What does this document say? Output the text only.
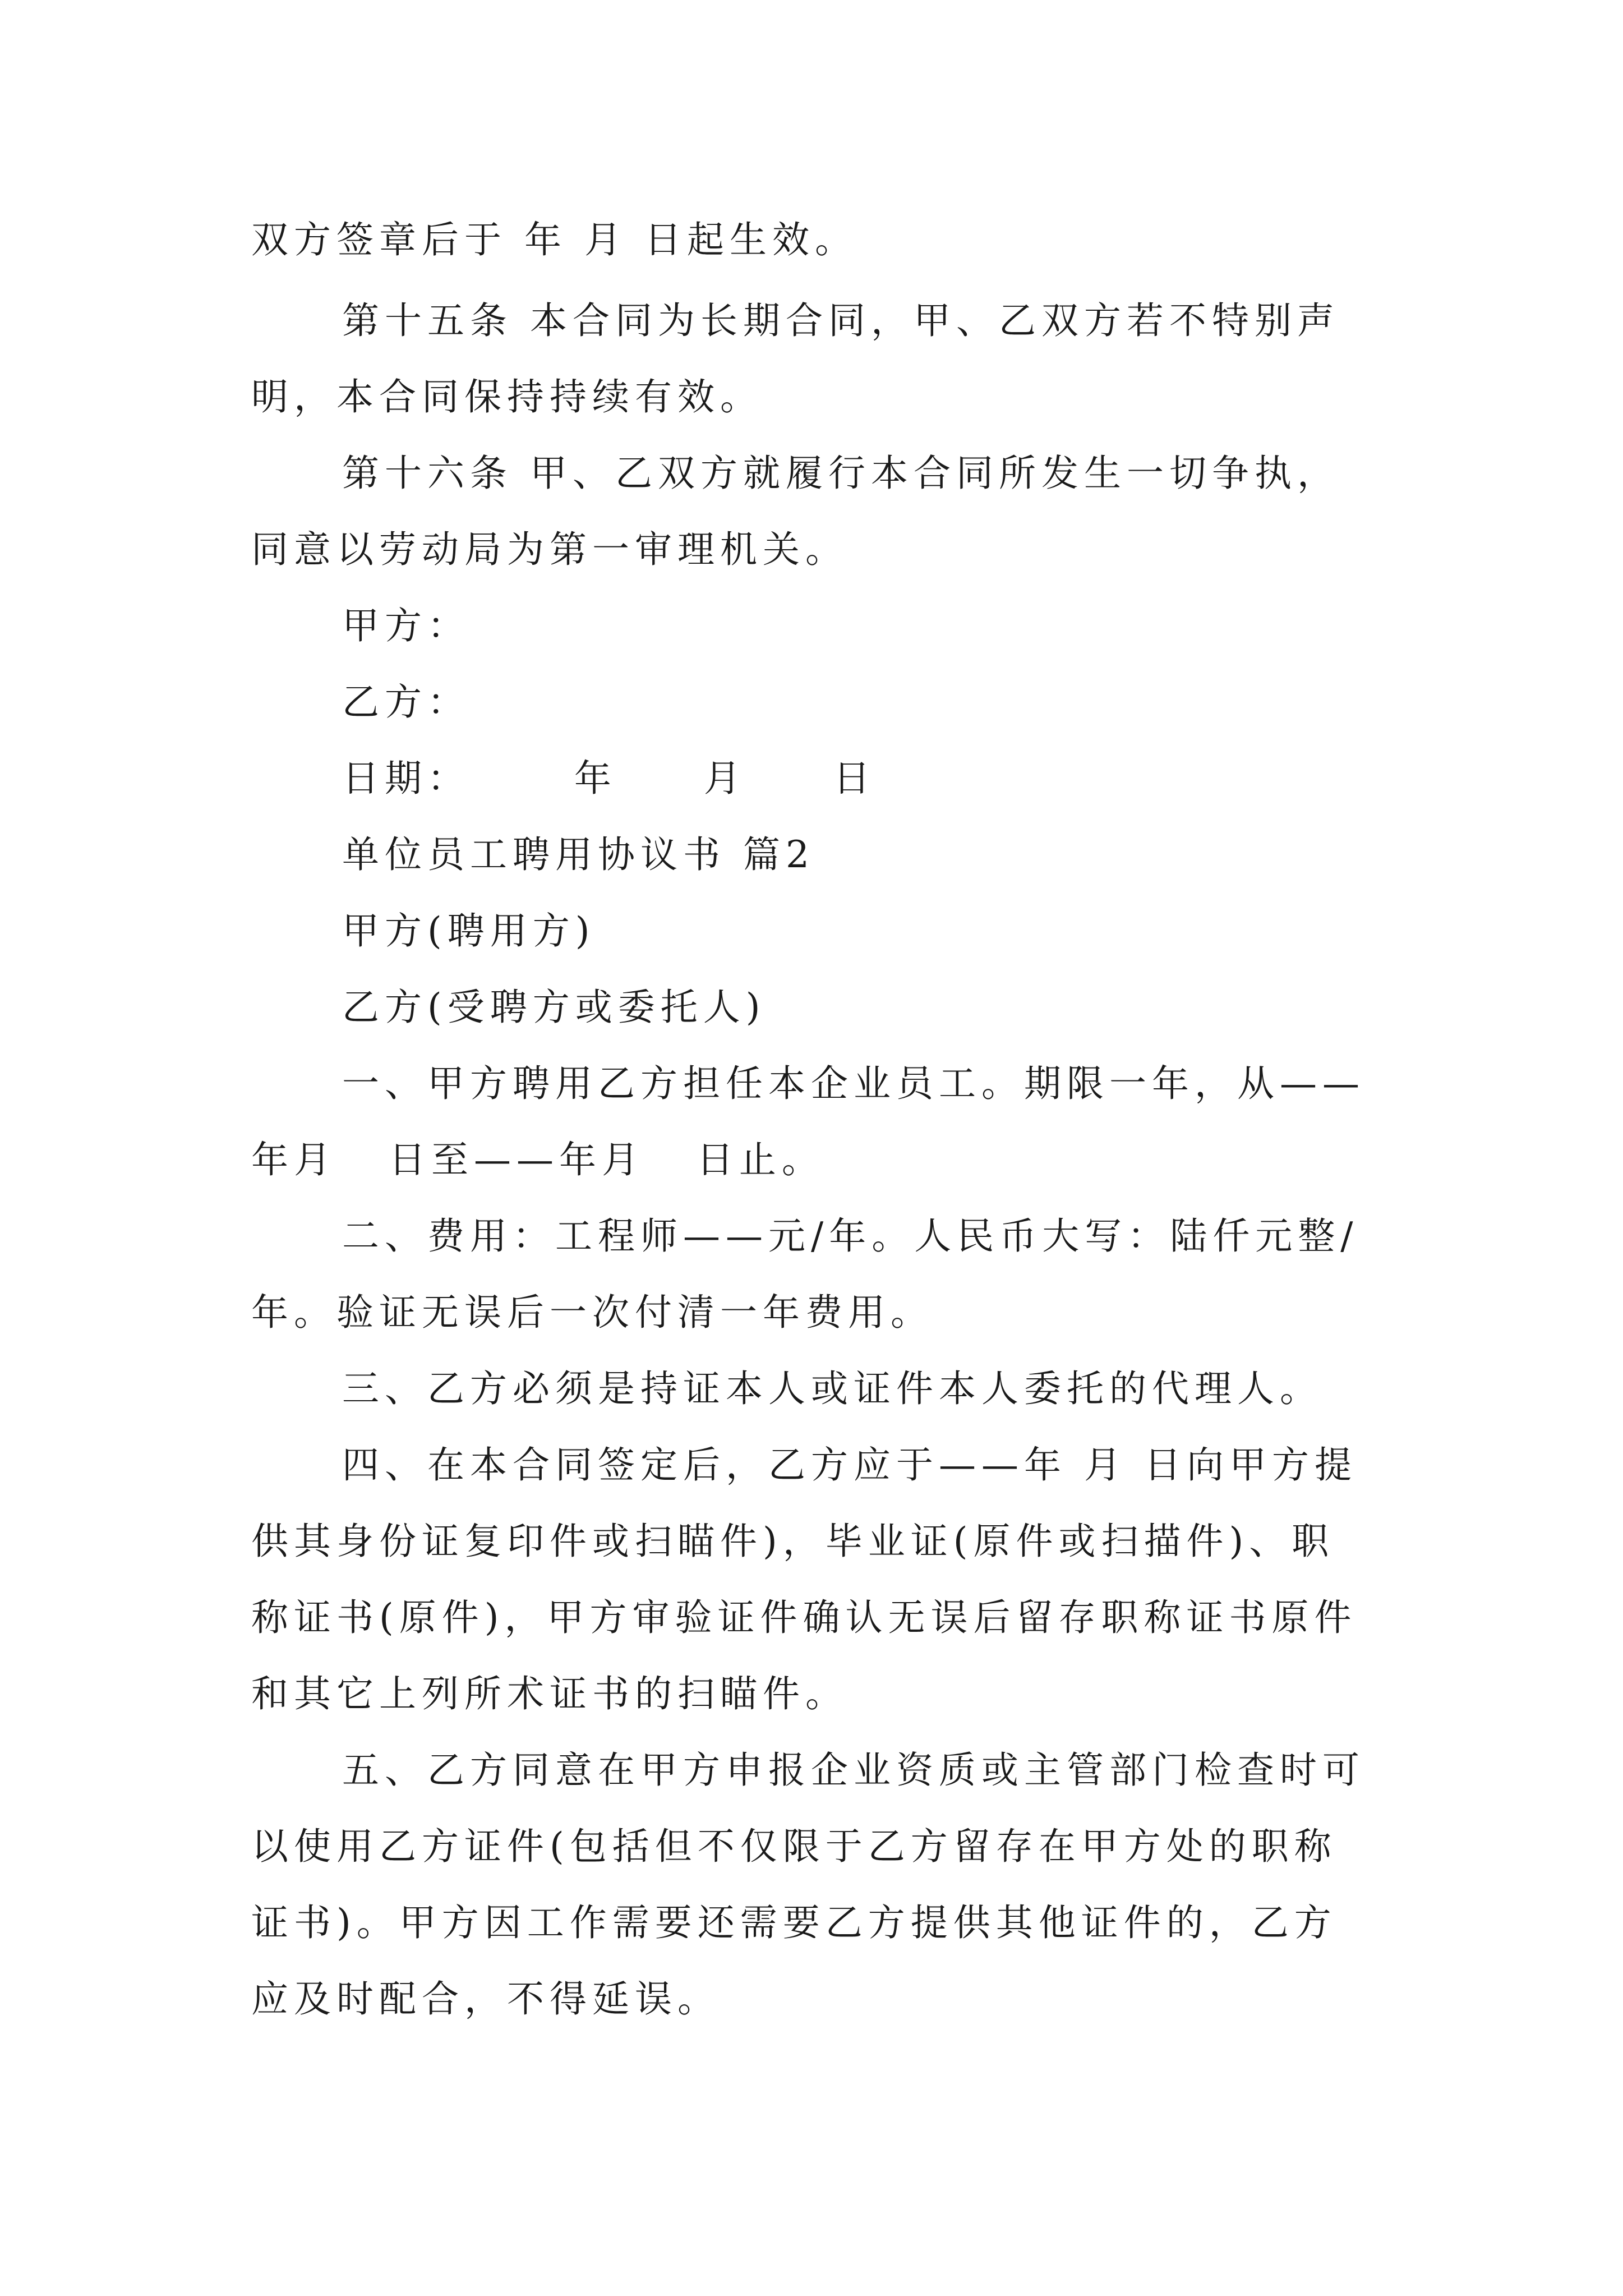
双方签章后于 年 月 日起生效。
第十五条 本合同为长期合同，甲、乙双方若不特别声
明，本合同保持持续有效。
第十六条 甲、乙双方就履行本合同所发生一切争执，
同意以劳动局为第一审理机关。
甲方：
乙方：
日期：      年     月     日
单位员工聘用协议书 篇2
甲方(聘用方)
乙方(受聘方或委托人)
一、甲方聘用乙方担任本企业员工。期限一年，从——
年月   日至——年月   日止。
二、费用：工程师——元/年。人民币大写：陆仟元整/
年。验证无误后一次付清一年费用。
三、乙方必须是持证本人或证件本人委托的代理人。
四、在本合同签定后，乙方应于——年 月 日向甲方提
供其身份证复印件或扫瞄件)，毕业证(原件或扫描件)、职
称证书(原件)，甲方审验证件确认无误后留存职称证书原件
和其它上列所术证书的扫瞄件。
五、乙方同意在甲方申报企业资质或主管部门检查时可
以使用乙方证件(包括但不仅限于乙方留存在甲方处的职称
证书)。甲方因工作需要还需要乙方提供其他证件的，乙方
应及时配合，不得延误。
